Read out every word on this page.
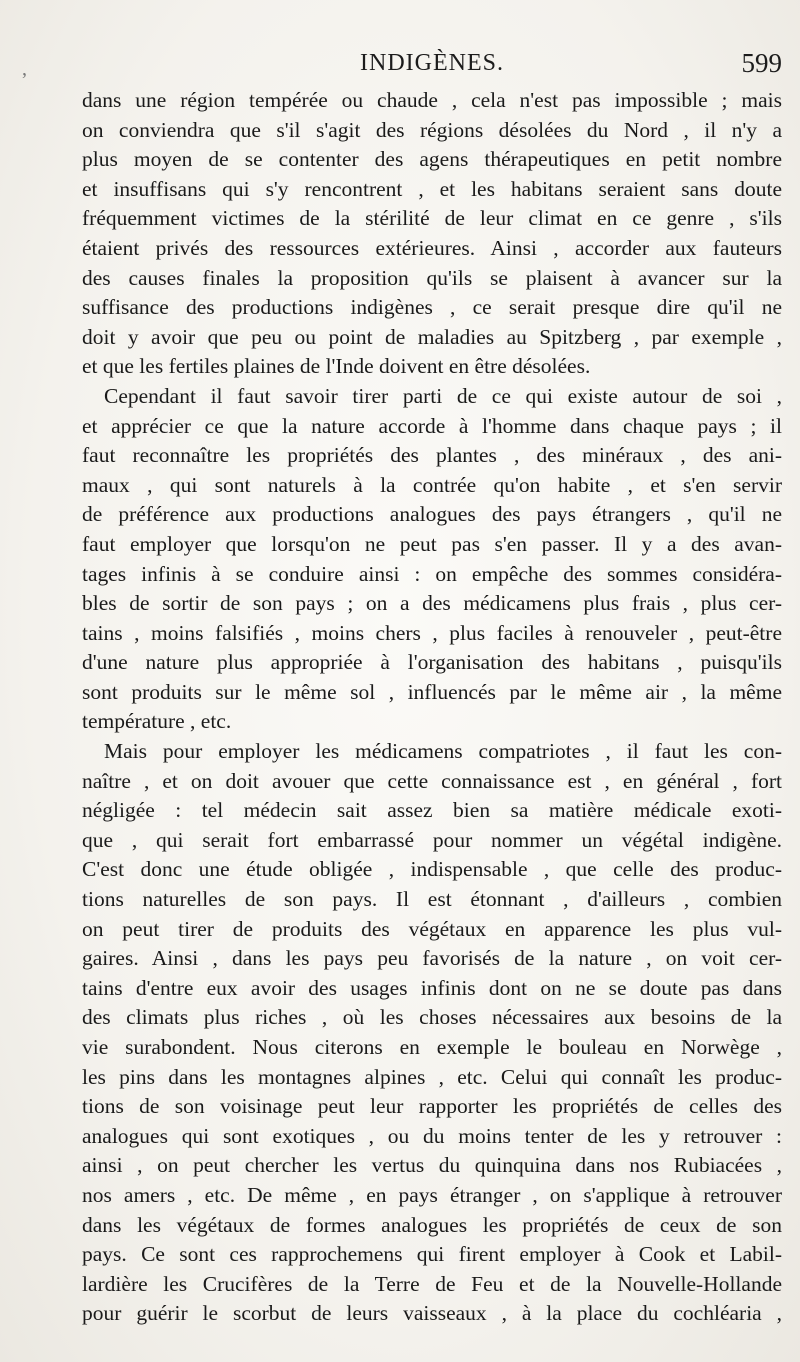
,	INDIGÈNES.	599
dans une région tempérée ou chaude , cela n'est pas impossible ; mais
on conviendra que s'il s'agit des régions désolées du Nord , il n'y a
plus moyen de se contenter des agens thérapeutiques en petit nombre
et insuffisans qui s'y rencontrent , et les habitans seraient sans doute
fréquemment victimes de la stérilité de leur climat en ce genre , s'ils
étaient privés des ressources extérieures. Ainsi , accorder aux fauteurs
des causes finales la proposition qu'ils se plaisent à avancer sur la
suffisance des productions indigènes , ce serait presque dire qu'il ne
doit y avoir que peu ou point de maladies au Spitzberg , par exemple ,
et que les fertiles plaines de l'Inde doivent en être désolées.
Cependant il faut savoir tirer parti de ce qui existe autour de soi ,
et apprécier ce que la nature accorde à l'homme dans chaque pays ; il
faut reconnaître les propriétés des plantes , des minéraux , des ani-
maux , qui sont naturels à la contrée qu'on habite , et s'en servir
de préférence aux productions analogues des pays étrangers , qu'il ne
faut employer que lorsqu'on ne peut pas s'en passer. Il y a des avan-
tages infinis à se conduire ainsi : on empêche des sommes considéra-
bles de sortir de son pays ; on a des médicamens plus frais , plus cer-
tains , moins falsifiés , moins chers , plus faciles à renouveler , peut-être
d'une nature plus appropriée à l'organisation des habitans , puisqu'ils
sont produits sur le même sol , influencés par le même air , la même
température , etc.
Mais pour employer les médicamens compatriotes , il faut les con-
naître , et on doit avouer que cette connaissance est , en général , fort
négligée : tel médecin sait assez bien sa matière médicale exoti-
que , qui serait fort embarrassé pour nommer un végétal indigène.
C'est donc une étude obligée , indispensable , que celle des produc-
tions naturelles de son pays. Il est étonnant , d'ailleurs , combien
on peut tirer de produits des végétaux en apparence les plus vul-
gaires. Ainsi , dans les pays peu favorisés de la nature , on voit cer-
tains d'entre eux avoir des usages infinis dont on ne se doute pas dans
des climats plus riches , où les choses nécessaires aux besoins de la
vie surabondent. Nous citerons en exemple le bouleau en Norwège ,
les pins dans les montagnes alpines , etc. Celui qui connaît les produc-
tions de son voisinage peut leur rapporter les propriétés de celles des
analogues qui sont exotiques , ou du moins tenter de les y retrouver :
ainsi , on peut chercher les vertus du quinquina dans nos Rubiacées ,
nos amers , etc. De même , en pays étranger , on s'applique à retrouver
dans les végétaux de formes analogues les propriétés de ceux de son
pays. Ce sont ces rapprochemens qui firent employer à Cook et Labil-
lardière les Crucifères de la Terre de Feu et de la Nouvelle-Hollande
pour guérir le scorbut de leurs vaisseaux , à la place du cochléaria ,
